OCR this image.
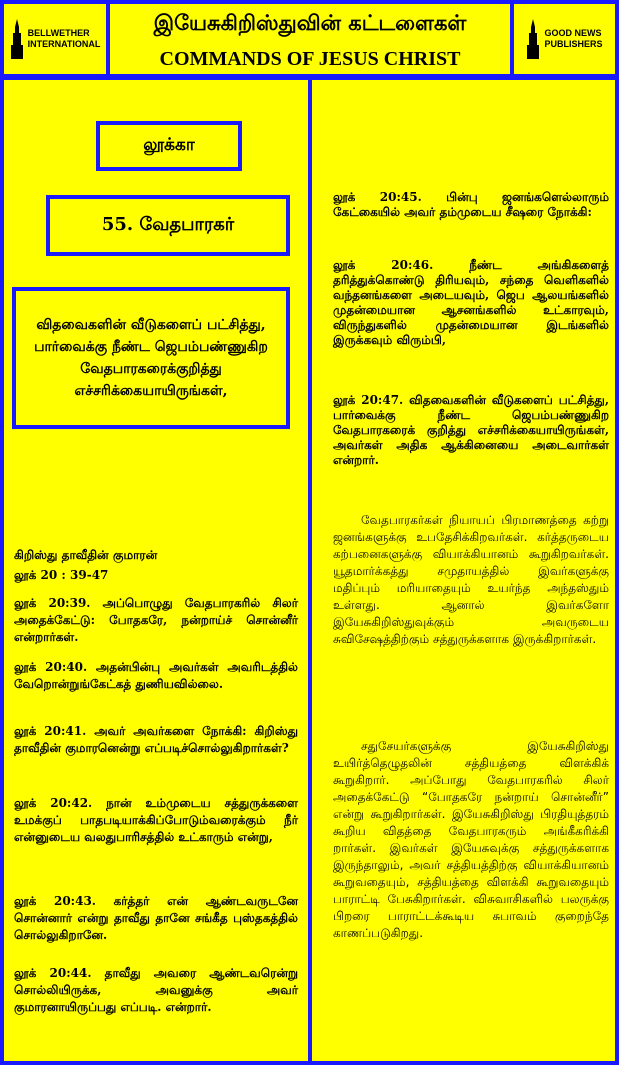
BELLWETHER
INTERNATIONAL
இயேசுகிறிஸ்துவின் கட்டளைகள்
COMMANDS OF JESUS CHRIST
GOOD NEWS
PUBLISHERS
லூக்கா
55. வேதபாரகர்
விதவைகளின் வீடுகளைப் பட்சித்து, பார்வைக்கு நீண்ட ஜெபம்பண்ணுகிற வேதபாரகரைக்குறித்து எச்சரிக்கையாயிருங்கள்,
கிறிஸ்து தாவீதின் குமாரன்
லூக் 20 : 39-47
லூக் 20:39. அப்பொழுது வேதபாரகரில் சிலர் அதைக்கேட்டு: போதகரே, நன்றாய்ச் சொன்னீர் என்றார்கள்.
லூக் 20:40. அதன்பின்பு அவர்கள் அவரிடத்தில் வேறொன்றுங்கேட்கத் துணியவில்லை.
லூக் 20:41. அவர் அவர்களை நோக்கி: கிறிஸ்து தாவீதின் குமாரனென்று எப்படிச்சொல்லுகிறார்கள்?
லூக் 20:42. நான் உம்முடைய சத்துருக்களை உமக்குப் பாதபடியாக்கிப்போடும்வரைக்கும் நீர் என்னுடைய வலதுபாரிசத்தில் உட்காரும் என்று,
லூக் 20:43. கர்த்தர் என் ஆண்டவருடனே சொன்னார் என்று தாவீது தானே சங்கீத புஸ்தகத்தில் சொல்லுகிறானே.
லூக் 20:44. தாவீது அவரை ஆண்டவரென்று சொல்லியிருக்க, அவனுக்கு அவர் குமாரனாயிருப்பது எப்படி. என்றார்.
லூக் 20:45. பின்பு ஜனங்களெல்லாரும் கேட்கையில் அவர் தம்முடைய சீஷரை நோக்கி:
லூக் 20:46. நீண்ட அங்கிகளைத் தரித்துக்கொண்டு திரியவும், சந்தை வெளிகளில் வந்தனங்களை அடையவும், ஜெப ஆலயங்களில் முதன்மையான ஆசனங்களில் உட்காரவும், விருந்துகளில் முதன்மையான இடங்களில் இருக்கவும் விரும்பி,
லூக் 20:47. விதவைகளின் வீடுகளைப் பட்சித்து, பார்வைக்கு நீண்ட ஜெபம்பண்ணுகிற வேதபாரகரைக் குறித்து எச்சரிக்கையாயிருங்கள், அவர்கள் அதிக ஆக்கினையை அடைவார்கள் என்றார்.
வேதபாரகர்கள் நியாயப் பிரமாணத்தை கற்று ஜனங்களுக்கு உபதேசிக்கிறவர்கள். கர்த்தருடைய கற்பனைகளுக்கு வியாக்கியானம் கூறுகிறவர்கள். யூதமார்க்கத்து சமுதாயத்தில் இவர்களுக்கு மதிப்பும் மரியாதையும் உயர்ந்த அந்தஸ்தும் உள்ளது. ஆனால் இவர்களோ இயேசுகிறிஸ்துவுக்கும் அவருடைய சுவிசேஷத்திற்கும் சத்துருக்களாக இருக்கிறார்கள்.
சதுசேயர்களுக்கு இயேசுகிறிஸ்து உயிர்த்தெழுதலின் சத்தியத்தை விளக்கிக் கூறுகிறார். அப்போது வேதபாரகரில் சிலர் அதைக்கேட்டு “போதகரே நன்றாய் சொன்னீர்” என்று கூறுகிறார்கள். இயேசுகிறிஸ்து பிரதியுத்தரம் கூறிய விதத்தை வேதபாரகரும் அங்கீகரிக்கி றார்கள். இவர்கள் இயேசுவுக்கு சத்துருக்களாக இருந்தாலும், அவர் சத்தியத்திற்கு வியாக்கியானம் கூறுவதையும், சத்தியத்தை விளக்கி கூறுவதையும் பாராட்டி பேசுகிறார்கள். விசுவாசிகளில் பலருக்கு பிறரை பாராட்டக்கூடிய சுபாவம் குறைந்தே காணப்படுகிறது.
